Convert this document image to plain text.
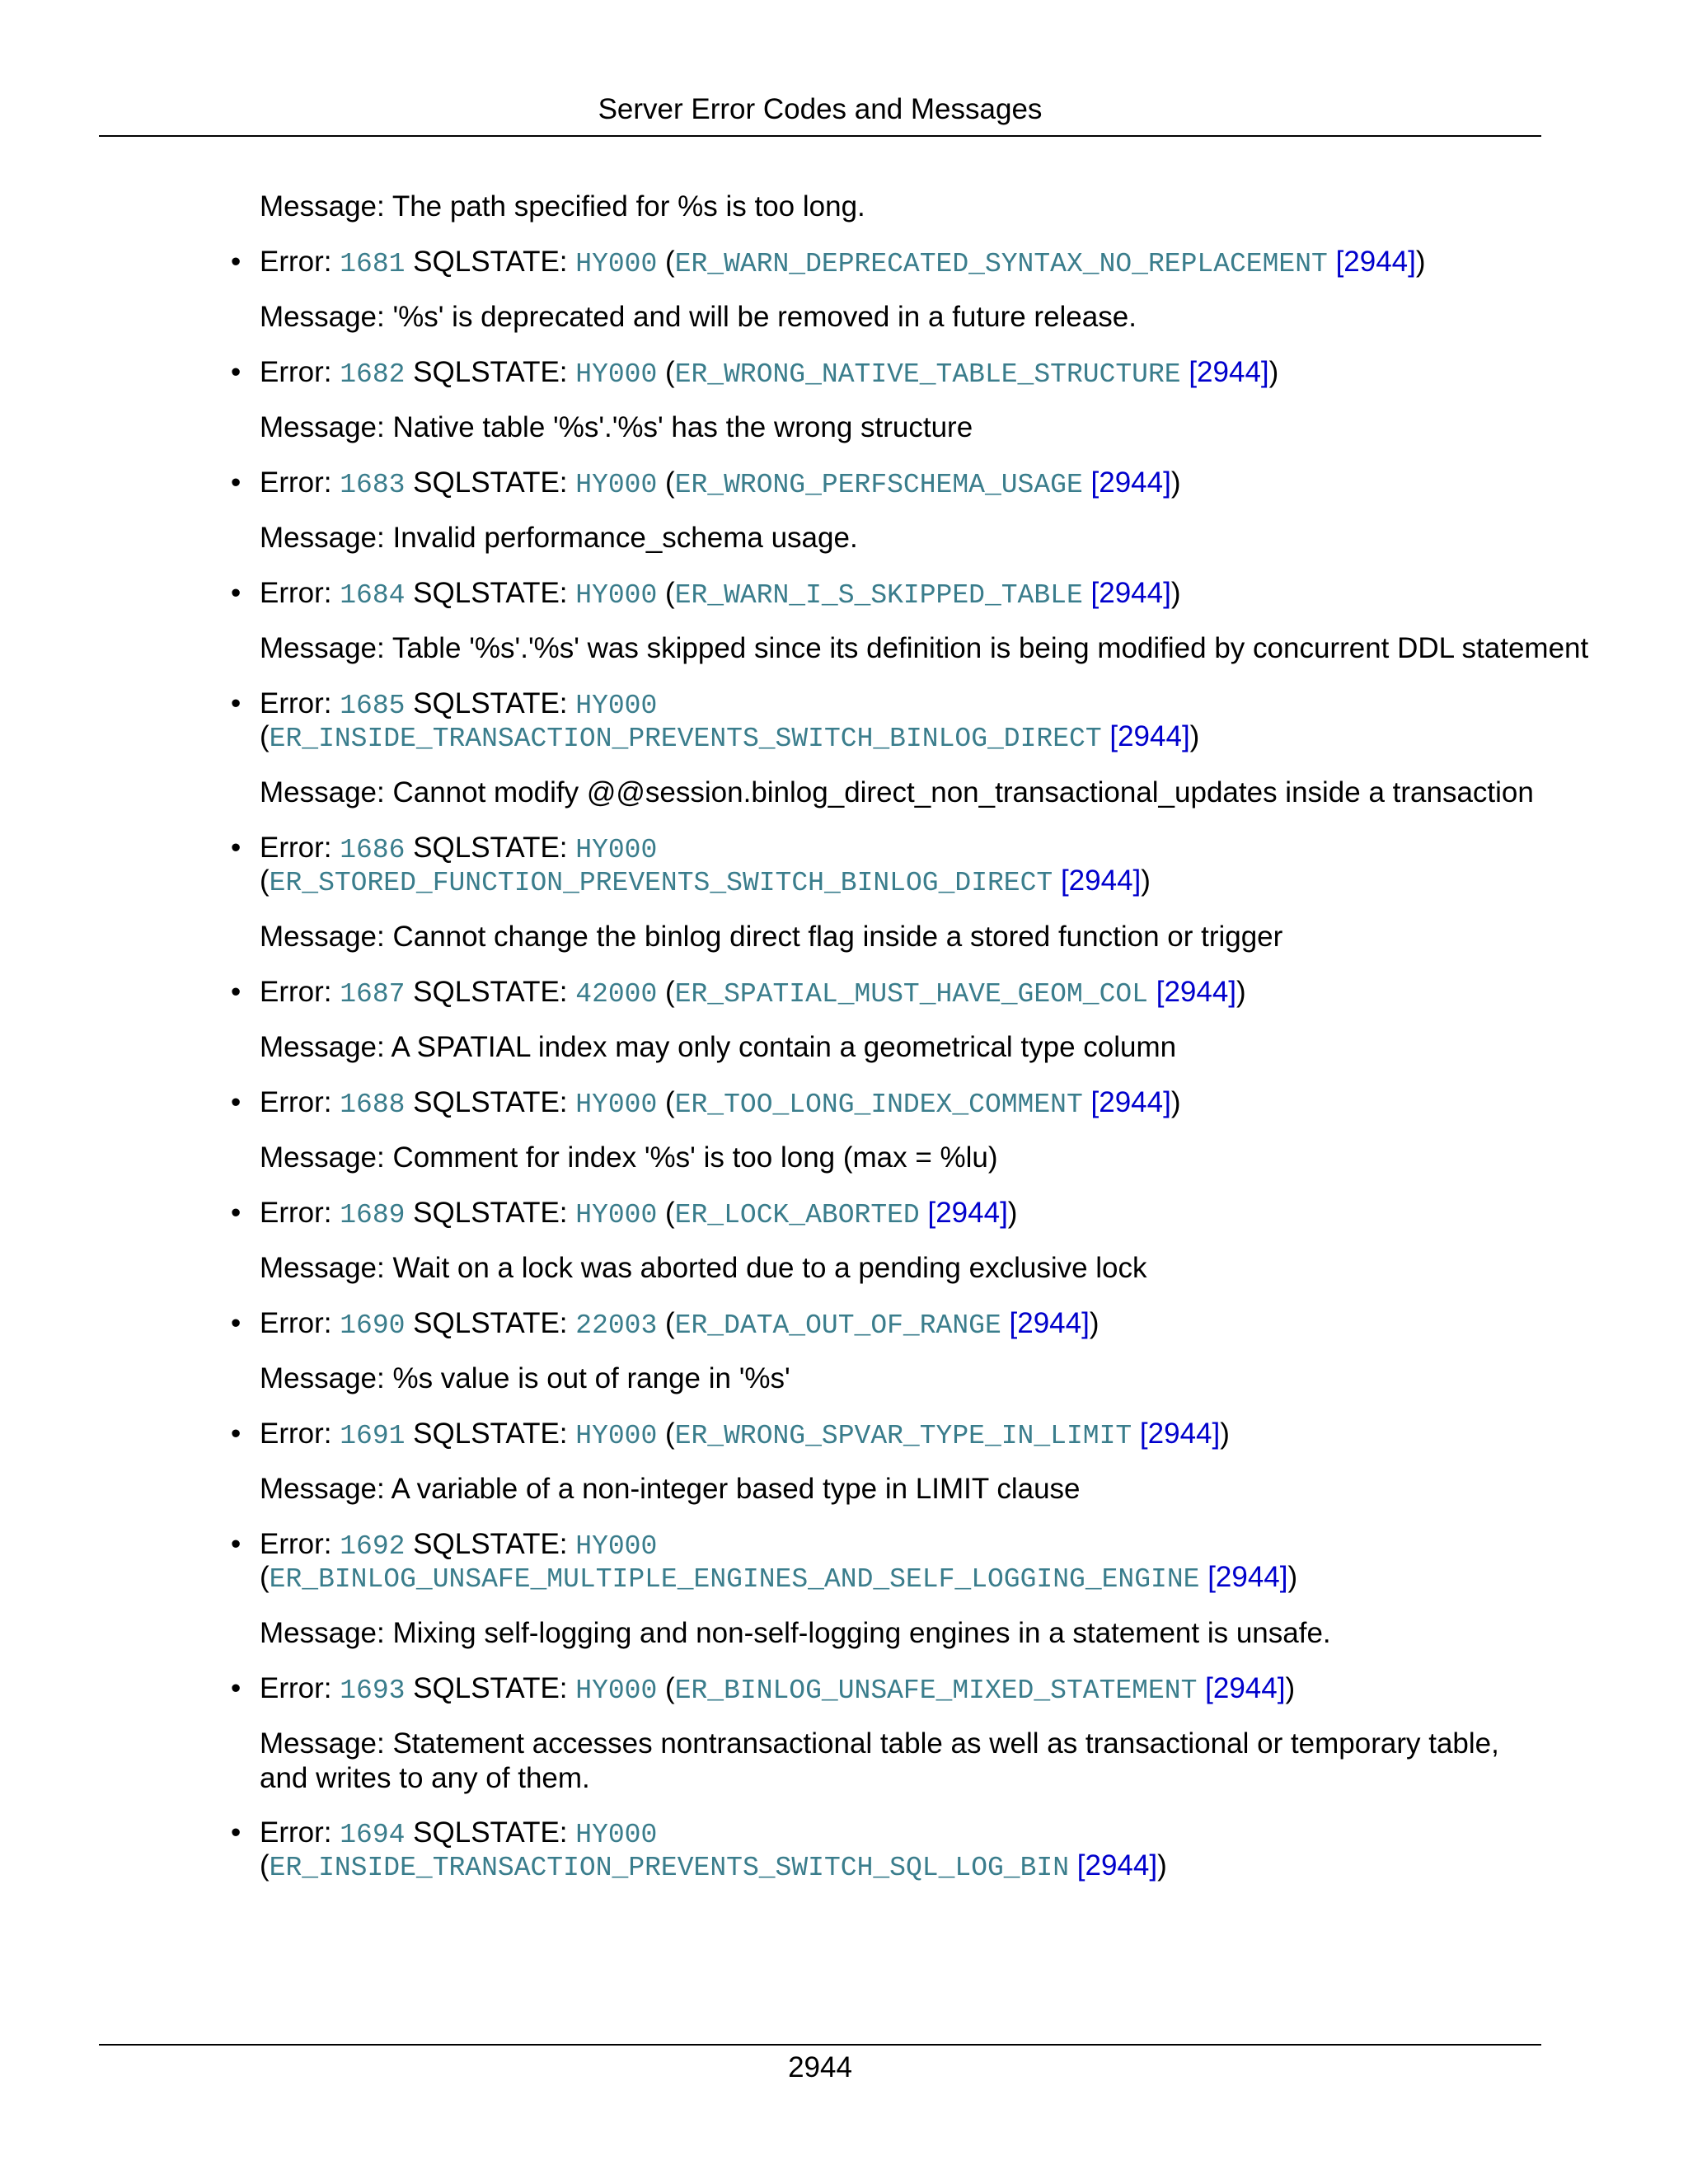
Server Error Codes and Messages
Message: The path specified for %s is too long.
• Error: 1681 SQLSTATE: HY000 (ER_WARN_DEPRECATED_SYNTAX_NO_REPLACEMENT [2944])
Message: '%s' is deprecated and will be removed in a future release.
• Error: 1682 SQLSTATE: HY000 (ER_WRONG_NATIVE_TABLE_STRUCTURE [2944])
Message: Native table '%s'.'%s' has the wrong structure
• Error: 1683 SQLSTATE: HY000 (ER_WRONG_PERFSCHEMA_USAGE [2944])
Message: Invalid performance_schema usage.
• Error: 1684 SQLSTATE: HY000 (ER_WARN_I_S_SKIPPED_TABLE [2944])
Message: Table '%s'.'%s' was skipped since its definition is being modified by concurrent DDL statement
• Error: 1685 SQLSTATE: HY000
(ER_INSIDE_TRANSACTION_PREVENTS_SWITCH_BINLOG_DIRECT [2944])
Message: Cannot modify @@session.binlog_direct_non_transactional_updates inside a transaction
• Error: 1686 SQLSTATE: HY000
(ER_STORED_FUNCTION_PREVENTS_SWITCH_BINLOG_DIRECT [2944])
Message: Cannot change the binlog direct flag inside a stored function or trigger
• Error: 1687 SQLSTATE: 42000 (ER_SPATIAL_MUST_HAVE_GEOM_COL [2944])
Message: A SPATIAL index may only contain a geometrical type column
• Error: 1688 SQLSTATE: HY000 (ER_TOO_LONG_INDEX_COMMENT [2944])
Message: Comment for index '%s' is too long (max = %lu)
• Error: 1689 SQLSTATE: HY000 (ER_LOCK_ABORTED [2944])
Message: Wait on a lock was aborted due to a pending exclusive lock
• Error: 1690 SQLSTATE: 22003 (ER_DATA_OUT_OF_RANGE [2944])
Message: %s value is out of range in '%s'
• Error: 1691 SQLSTATE: HY000 (ER_WRONG_SPVAR_TYPE_IN_LIMIT [2944])
Message: A variable of a non-integer based type in LIMIT clause
• Error: 1692 SQLSTATE: HY000
(ER_BINLOG_UNSAFE_MULTIPLE_ENGINES_AND_SELF_LOGGING_ENGINE [2944])
Message: Mixing self-logging and non-self-logging engines in a statement is unsafe.
• Error: 1693 SQLSTATE: HY000 (ER_BINLOG_UNSAFE_MIXED_STATEMENT [2944])
Message: Statement accesses nontransactional table as well as transactional or temporary table, and writes to any of them.
• Error: 1694 SQLSTATE: HY000
(ER_INSIDE_TRANSACTION_PREVENTS_SWITCH_SQL_LOG_BIN [2944])
2944
